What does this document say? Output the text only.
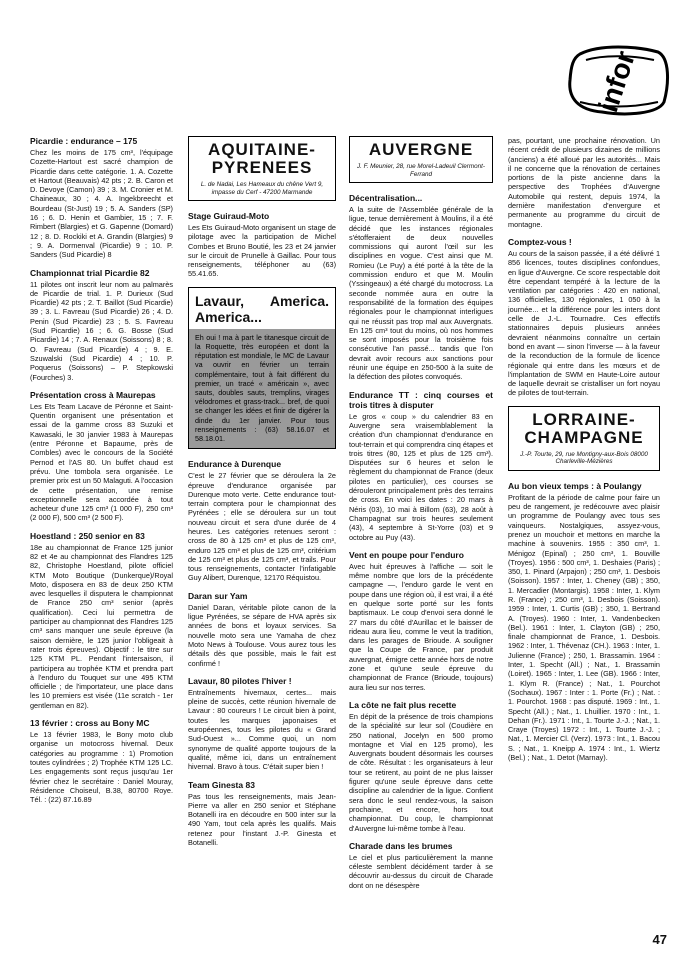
infor
Picardie : endurance – 175

Chez les moins de 175 cm³, l'équipage Cozette-Hartout est sacré champion de Picardie dans cette catégorie. 1. A. Cozette et Hartout (Beauvais) 42 pts ; 2. B. Caron et D. Devoye (Camon) 39 ; 3. M. Cronier et M. Chaineaux, 30 ; 4. A. Ingekbreecht et Bourdeau (St-Just) 19 ; 5. A. Sanders (SP) 16 ; 6. D. Henin et Gambier, 15 ; 7. F. Rimbert (Blargies) et G. Gapenne (Domard) 12 ; 8. D. Rockiki et A. Grandin (Blargies) 9 ; 9. A. Dormenval (Picardie) 9 ; 10. P. Sanders (Sud Picardie) 8

Championnat trial Picardie 82

11 pilotes ont inscrit leur nom au palmarès de Picardie de trial. 1. P. Durieux (Sud Picardie) 42 pts ; 2. T. Baillot (Sud Picardie) 39 ; 3. L. Favreau (Sud Picardie) 26 ; 4. D. Penin (Sud Picardie) 23 ; 5. S. Favreau (Sud Picardie) 16 ; 6. G. Bosse (Sud Picardie) 14 ; 7. A. Renaux (Soissons) 8 ; 8. O. Favreau (Sud Picardie) 4 ; 9. E. Szuwalski (Sud Picardie) 4 ; 10. P. Poquerus (Soissons) – P. Stepkowski (Fourches) 3.

Présentation cross à Maurepas

Les Ets Team Lacave de Péronne et Saint-Quentin organisent une présentation et essai de la gamme cross 83 Suzuki et Kawasaki, le 30 janvier 1983 à Maurepas (entre Péronne et Bapaume, près de Combles) avec le concours de la Société Pernod et l'AS 80. Un buffet chaud est prévu. Une tombola sera organisée. Le premier prix est un 50 Malaguti. A l'occasion de cette présentation, une remise exceptionnelle sera accordée à tout acheteur d'une 125 cm³ (1 000 F), 250 cm³ (2 000 F), 500 cm³ (2 500 F).

Hoestland : 250 senior en 83

18e au championnat de France 125 junior 82 et 4e au championnat des Flandres 125 82, Christophe Hoestland, pilote officiel KTM Moto Boutique (Dunkerque)/Royal Moto, disposera en 83 de deux 250 KTM avec lesquelles il disputera le championnat de France 250 cm³ senior (après qualification). Ceci lui permettra de participer au championnat des Flandres 125 cm³ sans manquer une seule épreuve (la saison dernière, le 125 junior l'obligeait à rater trois épreuves). Objectif : le titre sur 125 KTM PL. Pendant l'intersaison, il participera au trophée KTM et prendra part à l'enduro du Touquet sur une 495 KTM officielle ; de l'importateur, une place dans les 10 premiers est visée (11e scratch - 1er gentleman en 82).

13 février : cross au Bony MC

Le 13 février 1983, le Bony moto club organise un motocross hivernal. Deux catégories au programme : 1) Promotion toutes cylindrées ; 2) Trophée KTM 125 LC. Les engagements sont reçus jusqu'au 1er février chez le secrétaire : Daniel Mouray, Résidence Choiseul, B.38, 80700 Roye. Tél. : (22) 87.16.89

AQUITAINE-PYRENEES
L. de Nadai, Les Hameaux du chêne Vert 9, impasse du Cerf - 47200 Marmande
Stage Guiraud-Moto

Les Ets Guiraud-Moto organisent un stage de pilotage avec la participation de Michel Combes et Bruno Boutié, les 23 et 24 janvier sur le circuit de Prunelle à Gaillac. Pour tous renseignements, téléphoner au (63) 55.41.65.

Lavaur, America. America...

Eh oui ! ma à part le titanesque circuit de la Roquette, très européen et dont la réputation est mondiale, le MC de Lavaur va ouvrir en février un terrain complémentaire, tout à fait différent du premier, un tracé « américain », avec sauts, doubles sauts, tremplins, virages vélodromes et grass-track... bref, de quoi se changer les idées et finir de digérer la dinde du 1er janvier. Pour tous renseignements : (63) 58.16.07 et 58.18.01.

Endurance à Durenque

C'est le 27 février que se déroulera la 2e épreuve d'endurance organisée par Durenque moto verte. Cette endurance tout-terrain comptera pour le championnat des Pyrénées ; elle se déroulera sur un tout nouveau circuit et sera d'une durée de 4 heures. Les catégories retenues seront : cross de 80 à 125 cm³ et plus de 125 cm³, enduro 125 cm³ et plus de 125 cm³, critérium de 125 cm³ et plus de 125 cm³, et trails. Pour tous renseignements, contacter l'infatigable Guy Alibert, Durenque, 12170 Réquistou.

Daran sur Yam

Daniel Daran, véritable pilote canon de la ligue Pyrénées, se sépare de HVA après six années de bons et loyaux services. Sa nouvelle moto sera une Yamaha de chez Moto News à Toulouse. Vous aurez tous les détails dès que possible, mais le fait est confirmé !

Lavaur, 80 pilotes l'hiver !

Entraînements hivernaux, certes... mais pleine de succès, cette réunion hivernale de Lavaur : 80 coureurs ! Le circuit bien à point, toutes les marques japonaises et européennes, tous les pilotes du « Grand Sud-Ouest »... Comme quoi, un nom synonyme de qualité apporte toujours de la qualité, même ici, dans un entraînement hivernal. Bravo à tous. C'était super bien !

Team Ginesta 83

Pas tous les renseignements, mais Jean-Pierre va aller en 250 senior et Stéphane Botanelli ira en découdre en 500 inter sur la 490 Yam, tout cela après les qualifs. Mais retenez pour l'instant J.-P. Ginesta et Botanelli.

AUVERGNE
J. F. Meunier, 28, rue Morel-Ladeuil Clermont-Ferrand
Décentralisation...

A la suite de l'Assemblée générale de la ligue, tenue dernièrement à Moulins, il a été décidé que les instances régionales s'étofferaient de deux nouvelles commissions qui auront l'œil sur les disciplines en vogue. C'est ainsi que M. Romieu (Le Puy) a été porté à la tête de la commission enduro et que M. Moulin (Yssingeaux) a été chargé du motocross. La seconde nommée aura en outre la responsabilité de la formation des équipes régionales pour le championnat interligues qui ne réussit pas trop mal aux Auvergnats. En 125 cm³ tout du moins, où nos hommes se sont imposés pour la troisième fois consécutive l'an passé... tandis que l'on devrait avoir recours aux sanctions pour réunir une équipe en 250-500 à la suite de la défection des pilotes convoqués.

Endurance TT : cinq courses et trois titres à disputer

Le gros « coup » du calendrier 83 en Auvergne sera vraisemblablement la création d'un championnat d'endurance en tout-terrain et qui comprendra cinq étapes et trois titres (80, 125 et plus de 125 cm³). Disputées sur 6 heures et selon le règlement du championnat de France (deux pilotes en particulier), ces courses se dérouleront principalement près des terrains de cross. En voici les dates : 20 mars à Néris (03), 10 mai à Billom (63), 28 août à Champagnat sur trois heures seulement (43), 4 septembre à St-Yorre (03) et 9 octobre au Puy (43).

Vent en poupe pour l'enduro

Avec huit épreuves à l'affiche — soit le même nombre que lors de la précédente campagne —, l'enduro garde le vent en poupe dans une région où, il est vrai, il a été en quelque sorte porté sur les fonts baptismaux. Le coup d'envoi sera donné le 27 mars du côté d'Aurillac et le baisser de rideau aura lieu, comme le veut la tradition, dans les parages de Brioude. A souligner que la Coupe de France, par produit auvergnat, émigre cette année hors de notre zone et qu'une seule épreuve du championnat de France (Brioude, toujours) aura lieu sur nos terres.

La côte ne fait plus recette

En dépit de la présence de trois champions de la spécialité sur leur sol (Coudière en 250 national, Jocelyn en 500 promo montagne et Vial en 125 promo), les Auvergnats boudent désormais les courses de côte. Résultat : les organisateurs à leur tour se retirent, au point de ne plus laisser figurer qu'une seule épreuve dans cette discipline au calendrier de la ligue. Confient sera donc le seul rendez-vous, la saison prochaine, et encore, hors tout championnat. Du coup, le championnat d'Auvergne lui-même tombe à l'eau.

Charade dans les brumes

Le ciel et plus particulièrement la manne céleste semblent décidément tarder à se découvrir au-dessus du circuit de Charade dont on ne désespère

pas, pourtant, une prochaine rénovation. Un récent crédit de plusieurs dizaines de millions (anciens) a été alloué par les autorités... Mais il ne concerne que la rénovation de certaines portions de la piste ancienne dans la perspective des Trophées d'Auvergne Automobile qui restent, depuis 1974, la dernière manifestation d'envergure et permanente au programme du circuit de montagne.

Comptez-vous !

Au cours de la saison passée, il a été délivré 1 856 licences, toutes disciplines confondues, en ligue d'Auvergne. Ce score respectable doit être cependant tempéré à la lecture de la ventilation par catégories : 420 en national, 136 officielles, 130 régionales, 1 050 à la journée... et la différence pour les inters dont celle de J.-L. Tournadre. Ces effectifs stationnaires depuis plusieurs années devraient néanmoins connaître un certain bond en avant — sinon l'inverse — à la faveur de la reconduction de la formule de licence régionale qui entre dans les mœurs et de l'implantation de SWM en Haute-Loire autour de laquelle devrait se cristalliser un fort noyau de pilotes de tout-terrain.

LORRAINE-CHAMPAGNE
J.-P. Tourte, 29, rue Montigny-aux-Bois 08000 Charleville-Mézières
Au bon vieux temps : à Poulangy

Profitant de la période de calme pour faire un peu de rangement, je redécouvre avec plaisir un programme de Poulangy avec tous ses vainqueurs. Nostalgiques, assyez-vous, prenez un mouchoir et mettons en marche la machine à souvenirs. 1955 : 350 cm³, 1. Ménigoz (Epinal) ; 250 cm³, 1. Bouville (Troyes). 1956 : 500 cm³, 1. Deshaies (Paris) ; 350, 1. Pinard (Arpajon) ; 250 cm³, 1. Desbois (Soisson). 1957 : Inter, 1. Cheney (GB) ; 350, 1. Mercadier (Montargis). 1958 : Inter, 1. Klym R. (France) ; 250 cm³, 1. Desbois (Soisson). 1959 : Inter, 1. Curtis (GB) ; 350, 1. Bertrand A. (Troyes). 1960 : Inter, 1. Vandenbecken (Bel.). 1961 : Inter, 1. Clayton (GB) ; 250, finale championnat de France, 1. Desbois. 1962 : Inter, 1. Thévenaz (CH.). 1963 : Inter, 1. Julienne (France) ; 250, 1. Brassamin. 1964 : Inter, 1. Specht (All.) ; Nat., 1. Brassamin (Loiret). 1965 : Inter, 1. Lee (GB). 1966 : Inter, 1. Klym R. (France) ; Nat., 1. Pourchot (Sochaux). 1967 : Inter : 1. Porte (Fr.) ; Nat. : 1. Pourchot. 1968 : pas disputé. 1969 : Int., 1. Specht (All.) ; Nat., 1. Lhuillier. 1970 : Int., 1. Dehan (Fr.). 1971 : Int., 1. Tourte J.-J. ; Nat., 1. Craye (Troyes) 1972 : Int., 1. Tourte J.-J. ; Nat., 1. Mercier Cl. (Verz). 1973 : Int., 1. Bacou S. ; Nat., 1. Kneipp A. 1974 : Int., 1. Wiertz (Bel.) ; Nat., 1. Detot (Marnay).

47
